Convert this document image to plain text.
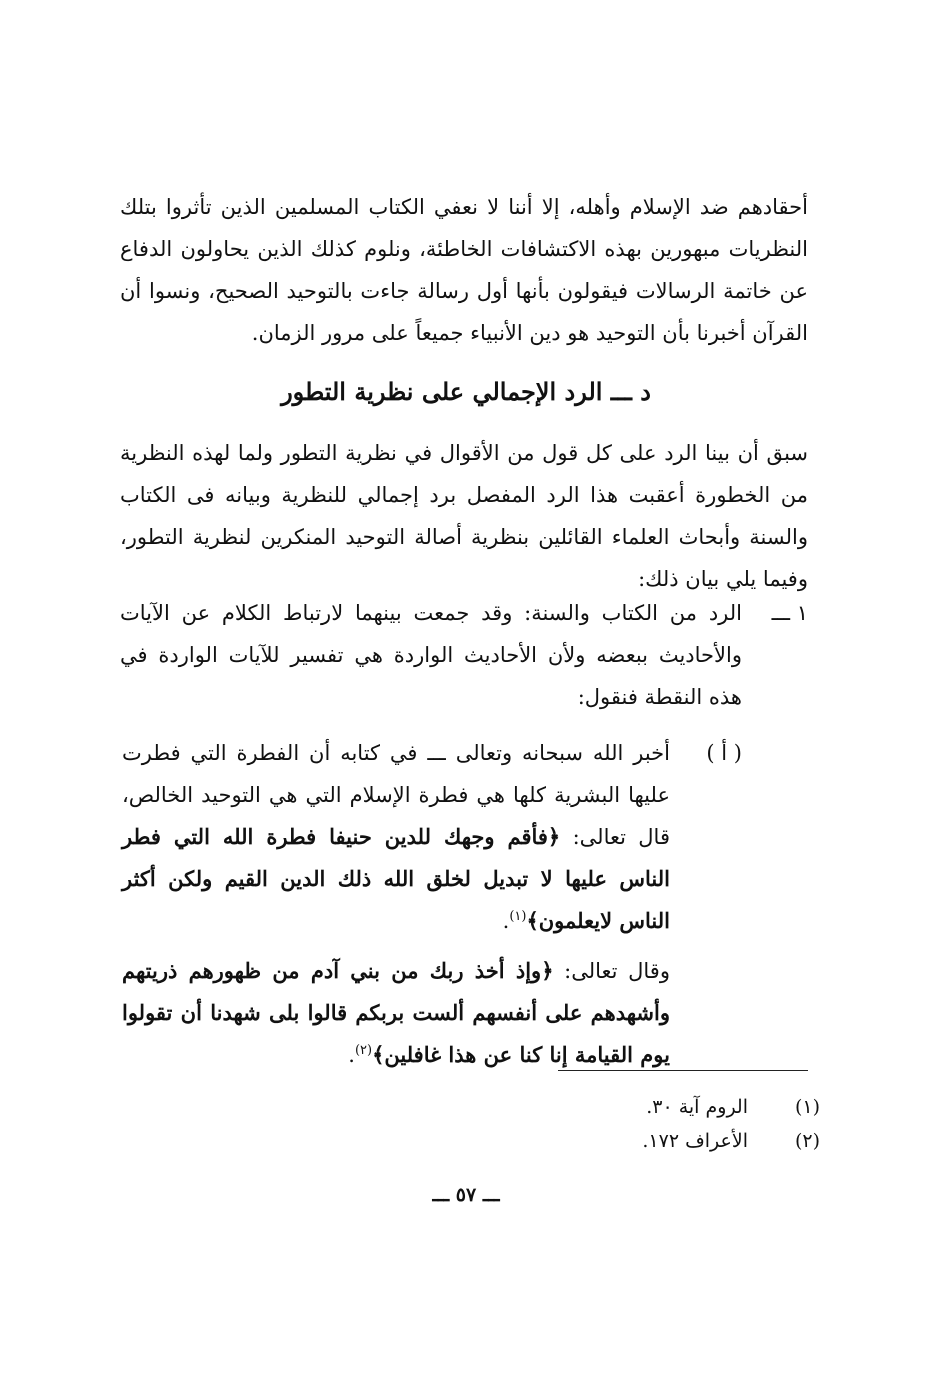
أحقادهم ضد الإسلام وأهله، إلا أننا لا نعفي الكتاب المسلمين الذين تأثروا بتلك النظريات مبهورين بهذه الاكتشافات الخاطئة، ونلوم كذلك الذين يحاولون الدفاع عن خاتمة الرسالات فيقولون بأنها أول رسالة جاءت بالتوحيد الصحيح، ونسوا أن القرآن أخبرنا بأن التوحيد هو دين الأنبياء جميعاً على مرور الزمان.
د ـــ الرد الإجمالي على نظرية التطور
سبق أن بينا الرد على كل قول من الأقوال في نظرية التطور ولما لهذه النظرية من الخطورة أعقبت هذا الرد المفصل برد إجمالي للنظرية وبيانه فى الكتاب والسنة وأبحاث العلماء القائلين بنظرية أصالة التوحيد المنكرين لنظرية التطور، وفيما يلي بيان ذلك:
١ ـــ
الرد من الكتاب والسنة: وقد جمعت بينهما لارتباط الكلام عن الآيات والأحاديث ببعضه ولأن الأحاديث الواردة هي تفسير للآيات الواردة في هذه النقطة فنقول:
( أ )
أخبر الله سبحانه وتعالى ـــ في كتابه أن الفطرة التي فطرت عليها البشرية كلها هي فطرة الإسلام التي هي التوحيد الخالص، قال تعالى: ﴿فأقم وجهك للدين حنيفا فطرة الله التي فطر الناس عليها لا تبديل لخلق الله ذلك الدين القيم ولكن أكثر الناس لايعلمون﴾$^{(١)}$.
وقال تعالى: ﴿وإذ أخذ ربك من بني آدم من ظهورهم ذريتهم وأشهدهم على أنفسهم ألست بربكم قالوا بلى شهدنا أن تقولوا يوم القيامة إنا كنا عن هذا غافلين﴾$^{(٢)}$.
(١)الروم آية ٣٠.
(٢)الأعراف ١٧٢.
ـــ ٥٧ ـــ
